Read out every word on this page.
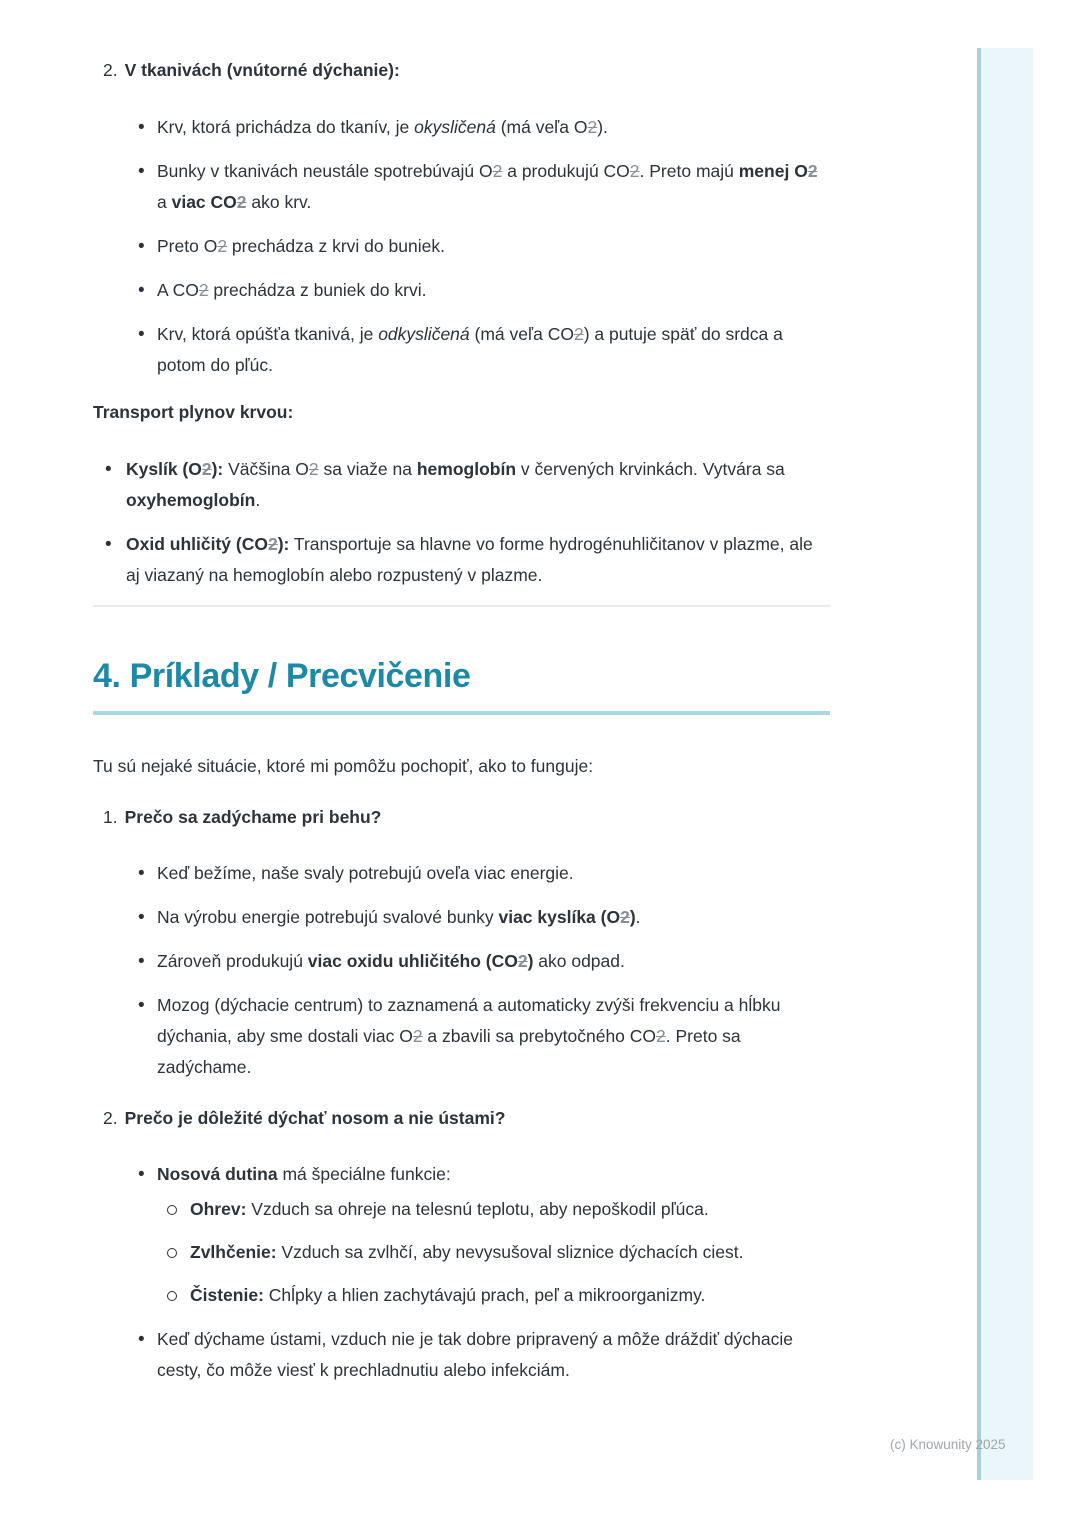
(c) Knowunity 2025
2. V tkanivách (vnútorné dýchanie):
• Krv, ktorá prichádza do tkanív, je okysličená (má veľa O2).
• Bunky v tkanivách neustále spotrebúvajú O2 a produkujú CO2. Preto majú menej O2 a viac CO2 ako krv.
• Preto O2 prechádza z krvi do buniek.
• A CO2 prechádza z buniek do krvi.
• Krv, ktorá opúšťa tkanivá, je odkysličená (má veľa CO2) a putuje späť do srdca a potom do pľúc.
Transport plynov krvou:
• Kyslík (O2): Väčšina O2 sa viaže na hemoglobín v červených krvinkách. Vytvára sa oxyhemoglobín.
• Oxid uhličitý (CO2): Transportuje sa hlavne vo forme hydrogénuhličitanov v plazme, ale aj viazaný na hemoglobín alebo rozpustený v plazme.
4. Príklady / Precvičenie

Tu sú nejaké situácie, ktoré mi pomôžu pochopiť, ako to funguje:

1. Prečo sa zadýchame pri behu?
• Keď bežíme, naše svaly potrebujú oveľa viac energie.
• Na výrobu energie potrebujú svalové bunky viac kyslíka (O2).
• Zároveň produkujú viac oxidu uhličitého (CO2) ako odpad.
• Mozog (dýchacie centrum) to zaznamená a automaticky zvýši frekvenciu a hĺbku dýchania, aby sme dostali viac O2 a zbavili sa prebytočného CO2. Preto sa zadýchame.
2. Prečo je dôležité dýchať nosom a nie ústami?
• Nosová dutina má špeciálne funkcie:
Ohrev: Vzduch sa ohreje na telesnú teplotu, aby nepoškodil pľúca.
Zvlhčenie: Vzduch sa zvlhčí, aby nevysušoval sliznice dýchacích ciest.
Čistenie: Chĺpky a hlien zachytávajú prach, peľ a mikroorganizmy.
• Keď dýchame ústami, vzduch nie je tak dobre pripravený a môže dráždiť dýchacie cesty, čo môže viesť k prechladnutiu alebo infekciám.
